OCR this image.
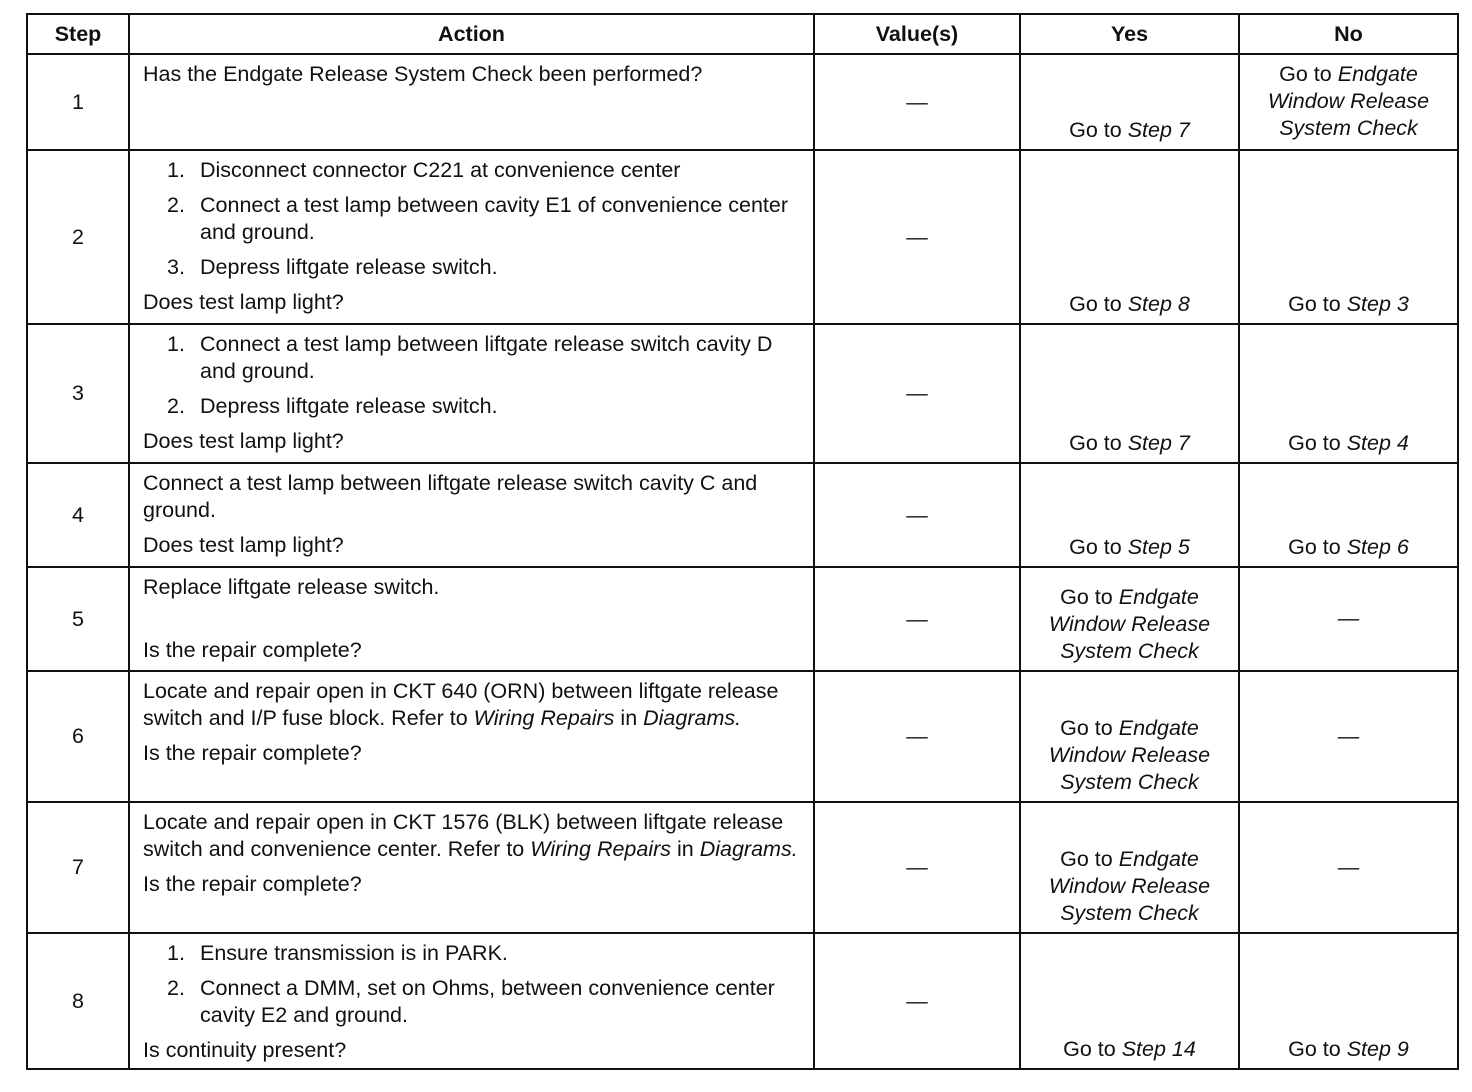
Step	Action	Value(s)	Yes	No
1	Has the Endgate Release System Check been performed?	—	Go to Step 7	Go to Endgate Window Release System Check
2	1. Disconnect connector C221 at convenience center
2. Connect a test lamp between cavity E1 of convenience center and ground.
3. Depress liftgate release switch.
Does test lamp light?	—	Go to Step 8	Go to Step 3
3	1. Connect a test lamp between liftgate release switch cavity D and ground.
2. Depress liftgate release switch.
Does test lamp light?	—	Go to Step 7	Go to Step 4
4	Connect a test lamp between liftgate release switch cavity C and ground.
Does test lamp light?	—	Go to Step 5	Go to Step 6
5	Replace liftgate release switch.
Is the repair complete?	—	Go to Endgate Window Release System Check	—
6	Locate and repair open in CKT 640 (ORN) between liftgate release switch and I/P fuse block. Refer to Wiring Repairs in Diagrams.
Is the repair complete?	—	Go to Endgate Window Release System Check	—
7	Locate and repair open in CKT 1576 (BLK) between liftgate release switch and convenience center. Refer to Wiring Repairs in Diagrams.
Is the repair complete?	—	Go to Endgate Window Release System Check	—
8	1. Ensure transmission is in PARK.
2. Connect a DMM, set on Ohms, between convenience center cavity E2 and ground.
Is continuity present?	—	Go to Step 14	Go to Step 9
